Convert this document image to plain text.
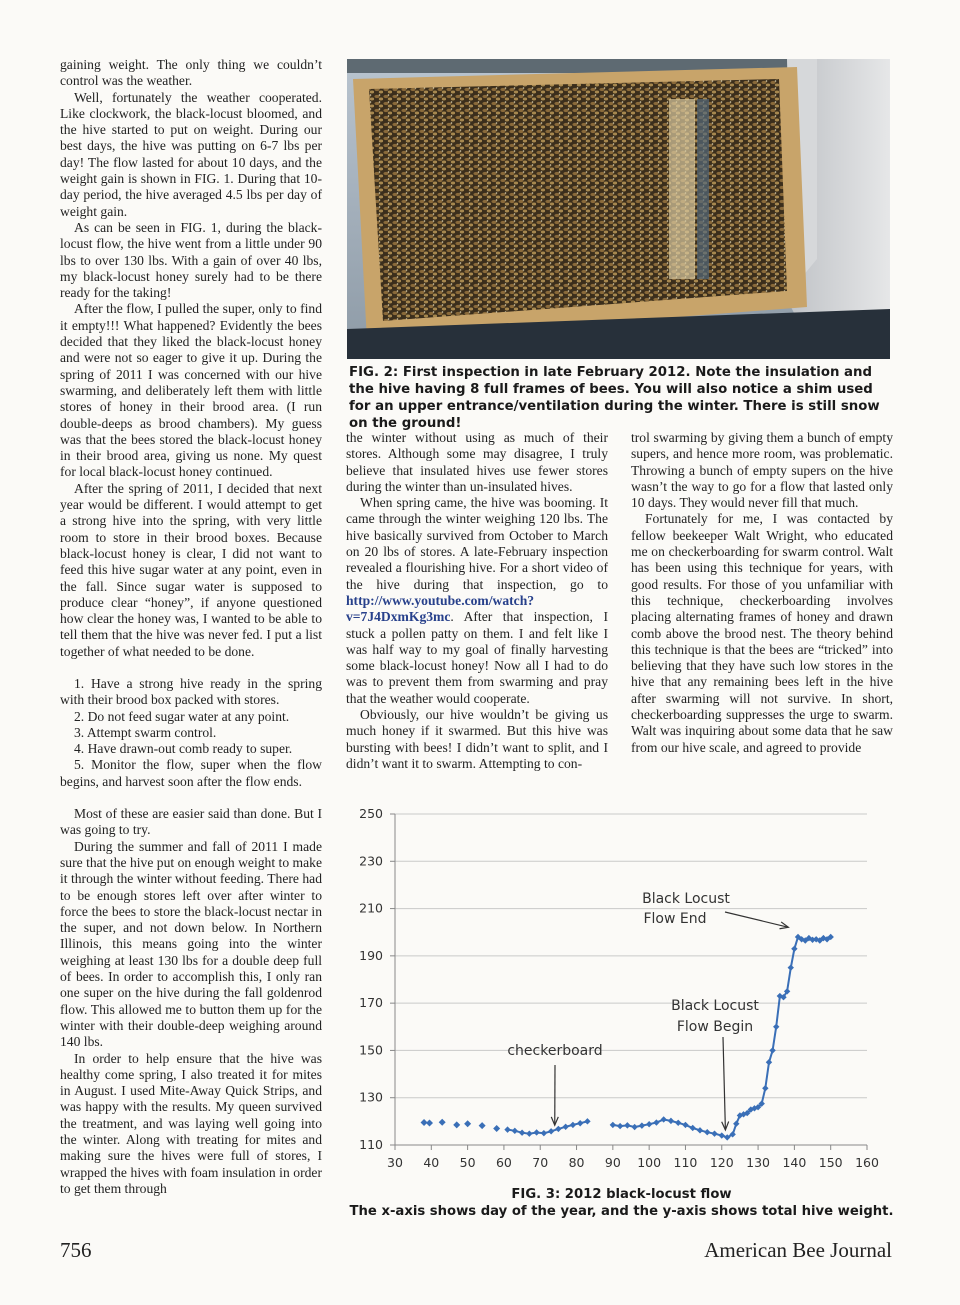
gaining weight. The only thing we couldn’t control was the weather.

Well, fortunately the weather cooperated. Like clockwork, the black-locust bloomed, and the hive started to put on weight. During our best days, the hive was putting on 6-7 lbs per day! The flow lasted for about 10 days, and the weight gain is shown in FIG. 1. During that 10-day period, the hive averaged 4.5 lbs per day of weight gain.

As can be seen in FIG. 1, during the black-locust flow, the hive went from a little under 90 lbs to over 130 lbs. With a gain of over 40 lbs, my black-locust honey surely had to be there ready for the taking!

After the flow, I pulled the super, only to find it empty!!! What happened? Evidently the bees decided that they liked the black-locust honey and were not so eager to give it up. During the spring of 2011 I was concerned with our hive swarming, and deliberately left them with little stores of honey in their brood area. (I run double-deeps as brood chambers). My guess was that the bees stored the black-locust honey in their brood area, giving us none. My quest for local black-locust honey continued.

After the spring of 2011, I decided that next year would be different. I would attempt to get a strong hive into the spring, with very little room to store in their brood boxes. Because black-locust honey is clear, I did not want to feed this hive sugar water at any point, even in the fall. Since sugar water is supposed to produce clear “honey”, if anyone questioned how clear the honey was, I wanted to be able to tell them that the hive was never fed. I put a list together of what needed to be done.

1. Have a strong hive ready in the spring with their brood box packed with stores.
2. Do not feed sugar water at any point.
3. Attempt swarm control.
4. Have drawn-out comb ready to super.
5. Monitor the flow, super when the flow begins, and harvest soon after the flow ends.

Most of these are easier said than done. But I was going to try.

During the summer and fall of 2011 I made sure that the hive put on enough weight to make it through the winter without feeding. There had to be enough stores left over after winter to force the bees to store the black-locust nectar in the super, and not down below. In Northern Illinois, this means going into the winter weighing at least 130 lbs for a double deep full of bees. In order to accomplish this, I only ran one super on the hive during the fall goldenrod flow. This allowed me to button them up for the winter with their double-deep weighing around 140 lbs.

In order to help ensure that the hive was healthy come spring, I also treated it for mites in August. I used Mite-Away Quick Strips, and was happy with the results. My queen survived the treatment, and was laying well going into the winter. Along with treating for mites and making sure the hives were full of stores, I wrapped the hives with foam insulation in order to get them through

FIG. 2: First inspection in late February 2012. Note the insulation and the hive having 8 full frames of bees. You will also notice a shim used for an upper entrance/ventilation during the winter. There is still snow on the ground!

the winter without using as much of their stores. Although some may disagree, I truly believe that insulated hives use fewer stores during the winter than un-insulated hives.

When spring came, the hive was booming. It came through the winter weighing 120 lbs. The hive basically survived from October to March on 20 lbs of stores. A late-February inspection revealed a flourishing hive. For a short video of the hive during that inspection, go to http://www.youtube.com/watch?v=7J4DxmKg3mc. After that inspection, I stuck a pollen patty on them. I and felt like I was half way to my goal of finally harvesting some black-locust honey! Now all I had to do was to prevent them from swarming and pray that the weather would cooperate.

Obviously, our hive wouldn’t be giving us much honey if it swarmed. But this hive was bursting with bees! I didn’t want to split, and I didn’t want it to swarm. Attempting to con-

trol swarming by giving them a bunch of empty supers, and hence more room, was problematic. Throwing a bunch of empty supers on the hive wasn’t the way to go for a flow that lasted only 10 days. They would never fill that much.

Fortunately for me, I was contacted by fellow beekeeper Walt Wright, who educated me on checkerboarding for swarm control. Walt has been using this technique for years, with good results. For those of you unfamiliar with this technique, checkerboarding involves placing alternating frames of honey and drawn comb above the brood nest. The theory behind this technique is that the bees are “tricked” into believing that they have such low stores in the hive that any remaining bees left in the hive after swarming will not survive. In short, checkerboarding suppresses the urge to swarm. Walt was inquiring about some data that he saw from our hive scale, and agreed to provide

110
130
150
170
190
210
230
250
30 40 50 60 70 80 90 100 110 120 130 140 150 160
checkerboard
Black Locust
Flow Begin
Black Locust
Flow End
FIG. 3: 2012 black-locust flow
The x-axis shows day of the year, and the y-axis shows total hive weight.
756	American Bee Journal
